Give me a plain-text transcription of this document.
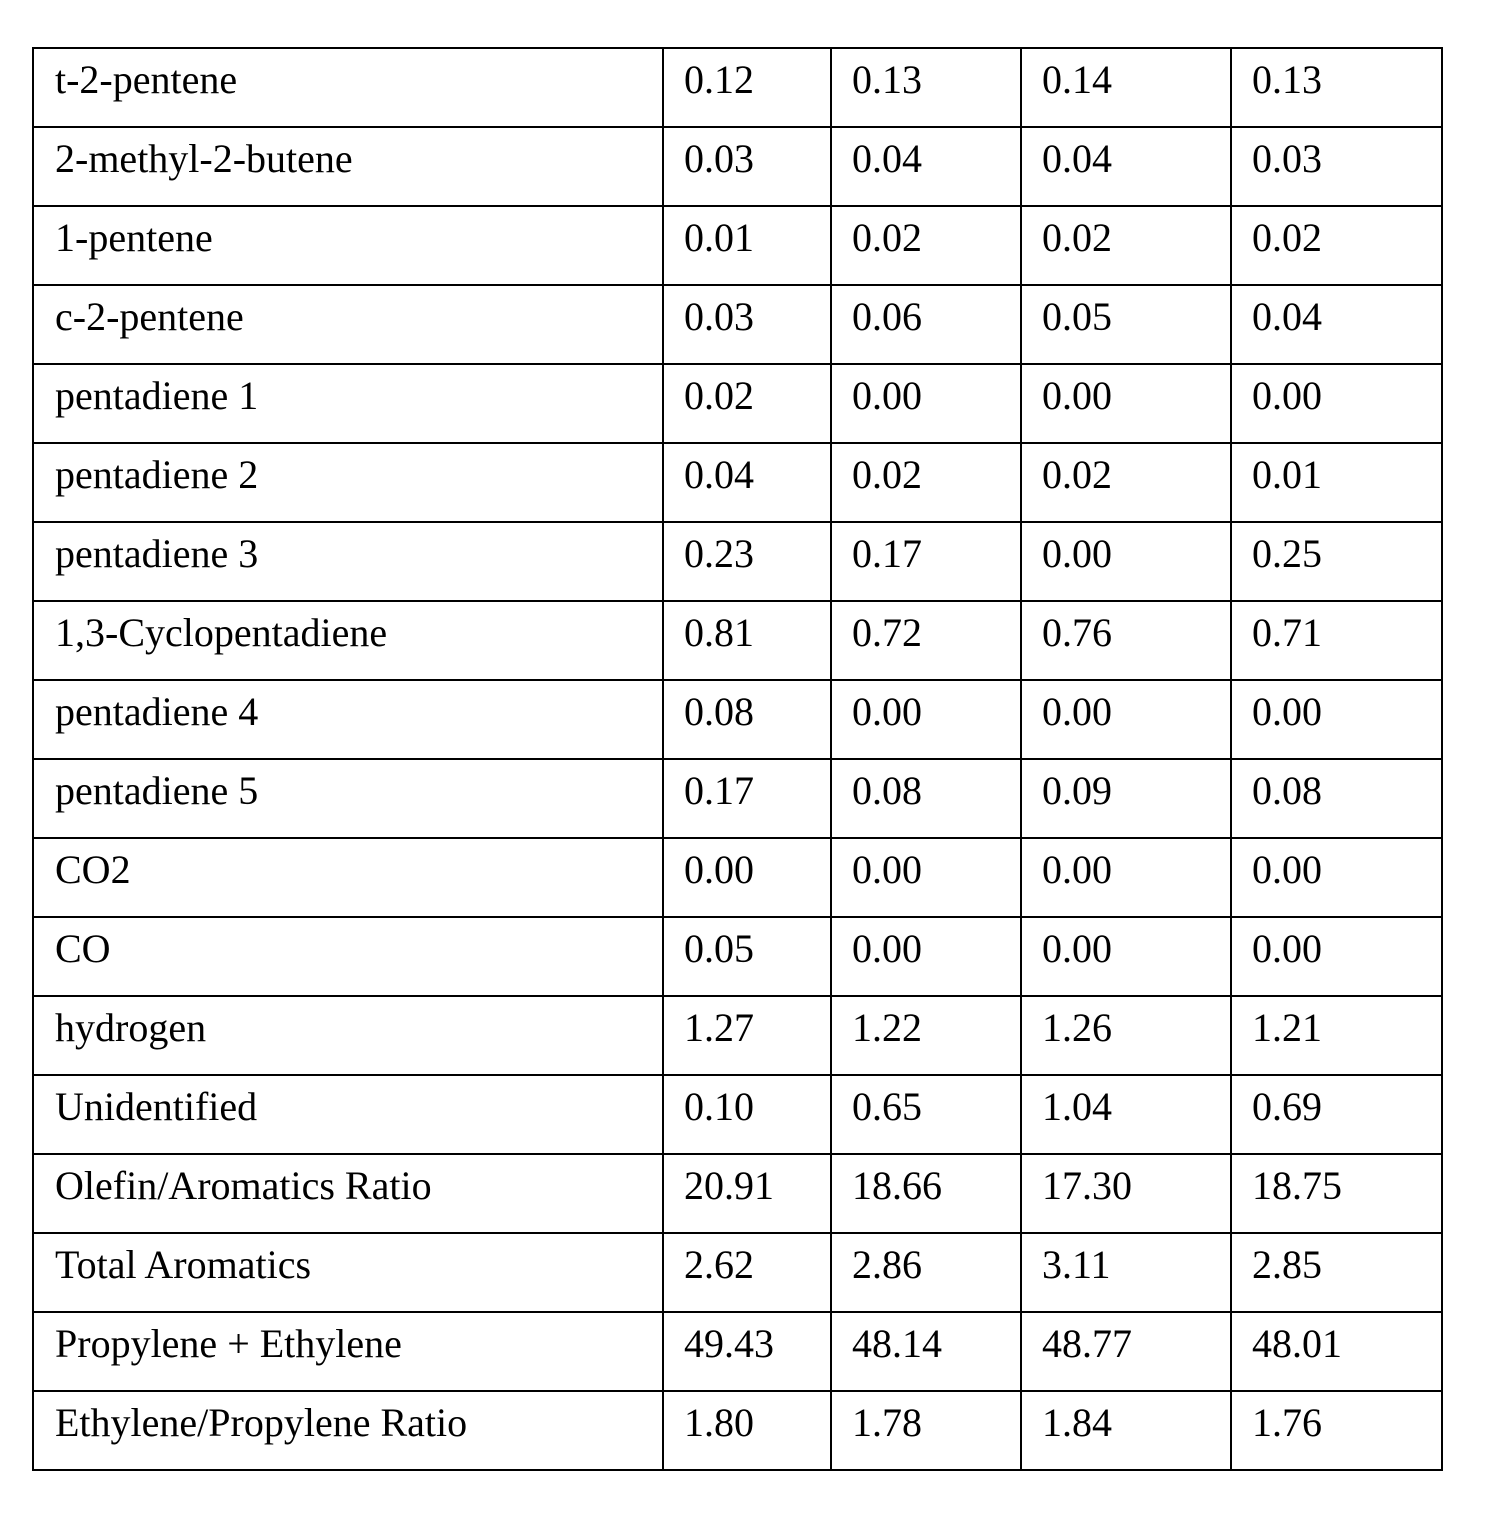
t-2-pentene	0.12	0.13	0.14	0.13
2-methyl-2-butene	0.03	0.04	0.04	0.03
1-pentene	0.01	0.02	0.02	0.02
c-2-pentene	0.03	0.06	0.05	0.04
pentadiene 1	0.02	0.00	0.00	0.00
pentadiene 2	0.04	0.02	0.02	0.01
pentadiene 3	0.23	0.17	0.00	0.25
1,3-Cyclopentadiene	0.81	0.72	0.76	0.71
pentadiene 4	0.08	0.00	0.00	0.00
pentadiene 5	0.17	0.08	0.09	0.08
CO2	0.00	0.00	0.00	0.00
CO	0.05	0.00	0.00	0.00
hydrogen	1.27	1.22	1.26	1.21
Unidentified	0.10	0.65	1.04	0.69
Olefin/Aromatics Ratio	20.91	18.66	17.30	18.75
Total Aromatics	2.62	2.86	3.11	2.85
Propylene + Ethylene	49.43	48.14	48.77	48.01
Ethylene/Propylene Ratio	1.80	1.78	1.84	1.76
